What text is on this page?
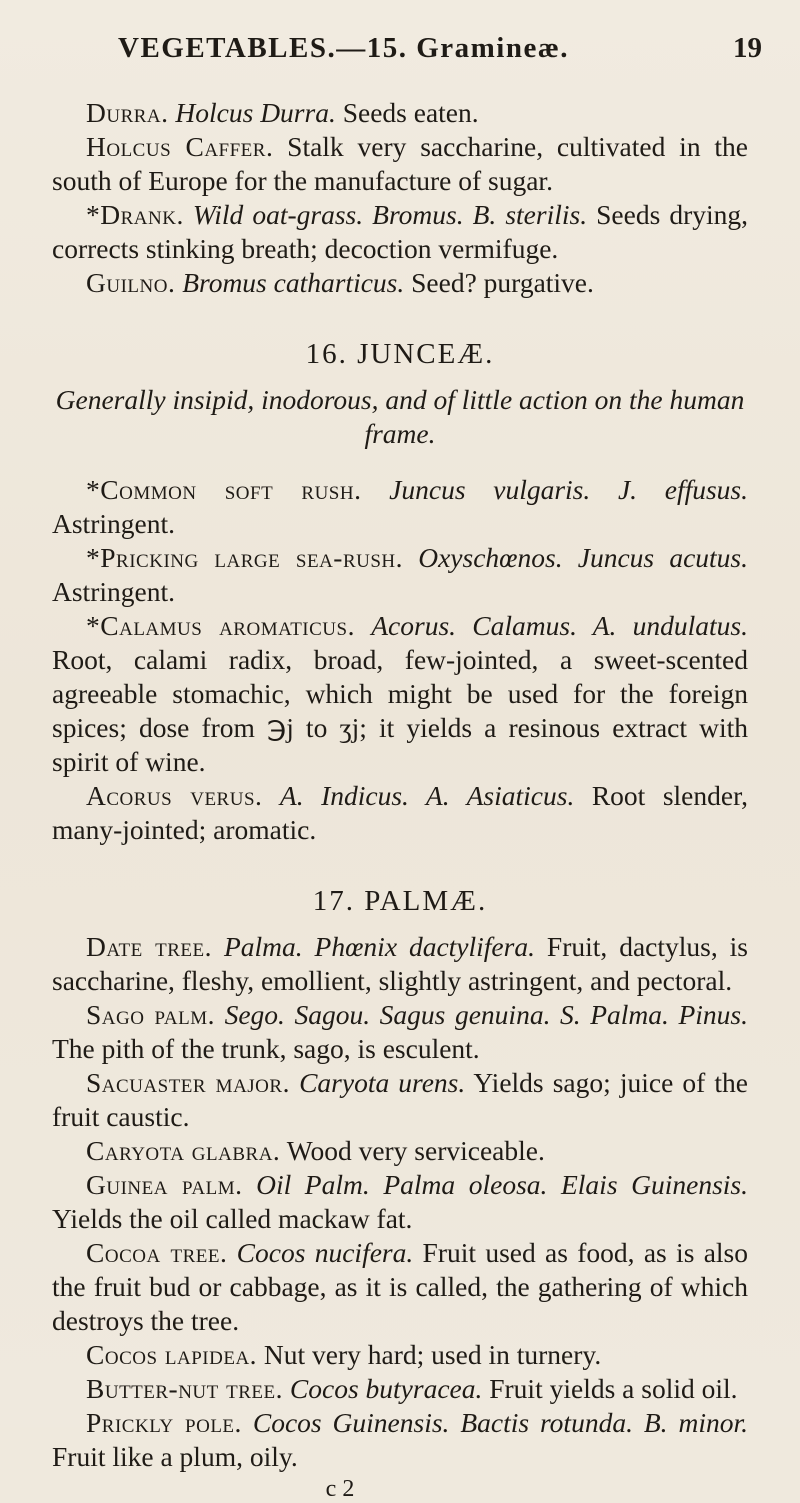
VEGETABLES.—15. Gramineæ.	19

Durra. Holcus Durra. Seeds eaten.

Holcus Caffer. Stalk very saccharine, cultivated in the south of Europe for the manufacture of sugar.

*Drank. Wild oat-grass. Bromus. B. sterilis. Seeds drying, corrects stinking breath; decoction vermifuge.

Guilno. Bromus catharticus. Seed? purgative.

16. JUNCEÆ.

Generally insipid, inodorous, and of little action on the human frame.

*Common soft rush. Juncus vulgaris. J. effusus. Astringent.

*Pricking large sea-rush. Oxyschœnos. Juncus acutus. Astringent.

*Calamus aromaticus. Acorus. Calamus. A. undulatus. Root, calami radix, broad, few-jointed, a sweet-scented agreeable stomachic, which might be used for the foreign spices; dose from ℈j to ʒj; it yields a resinous extract with spirit of wine.

Acorus verus. A. Indicus. A. Asiaticus. Root slender, many-jointed; aromatic.

17. PALMÆ.

Date tree. Palma. Phœnix dactylifera. Fruit, dactylus, is saccharine, fleshy, emollient, slightly astringent, and pectoral.

Sago palm. Sego. Sagou. Sagus genuina. S. Palma. Pinus. The pith of the trunk, sago, is esculent.

Sacuaster major. Caryota urens. Yields sago; juice of the fruit caustic.

Caryota glabra. Wood very serviceable.

Guinea palm. Oil Palm. Palma oleosa. Elais Guinensis. Yields the oil called mackaw fat.

Cocoa tree. Cocos nucifera. Fruit used as food, as is also the fruit bud or cabbage, as it is called, the gathering of which destroys the tree.

Cocos lapidea. Nut very hard; used in turnery.

Butter-nut tree. Cocos butyracea. Fruit yields a solid oil.

Prickly pole. Cocos Guinensis. Bactis rotunda. B. minor. Fruit like a plum, oily.

c 2
